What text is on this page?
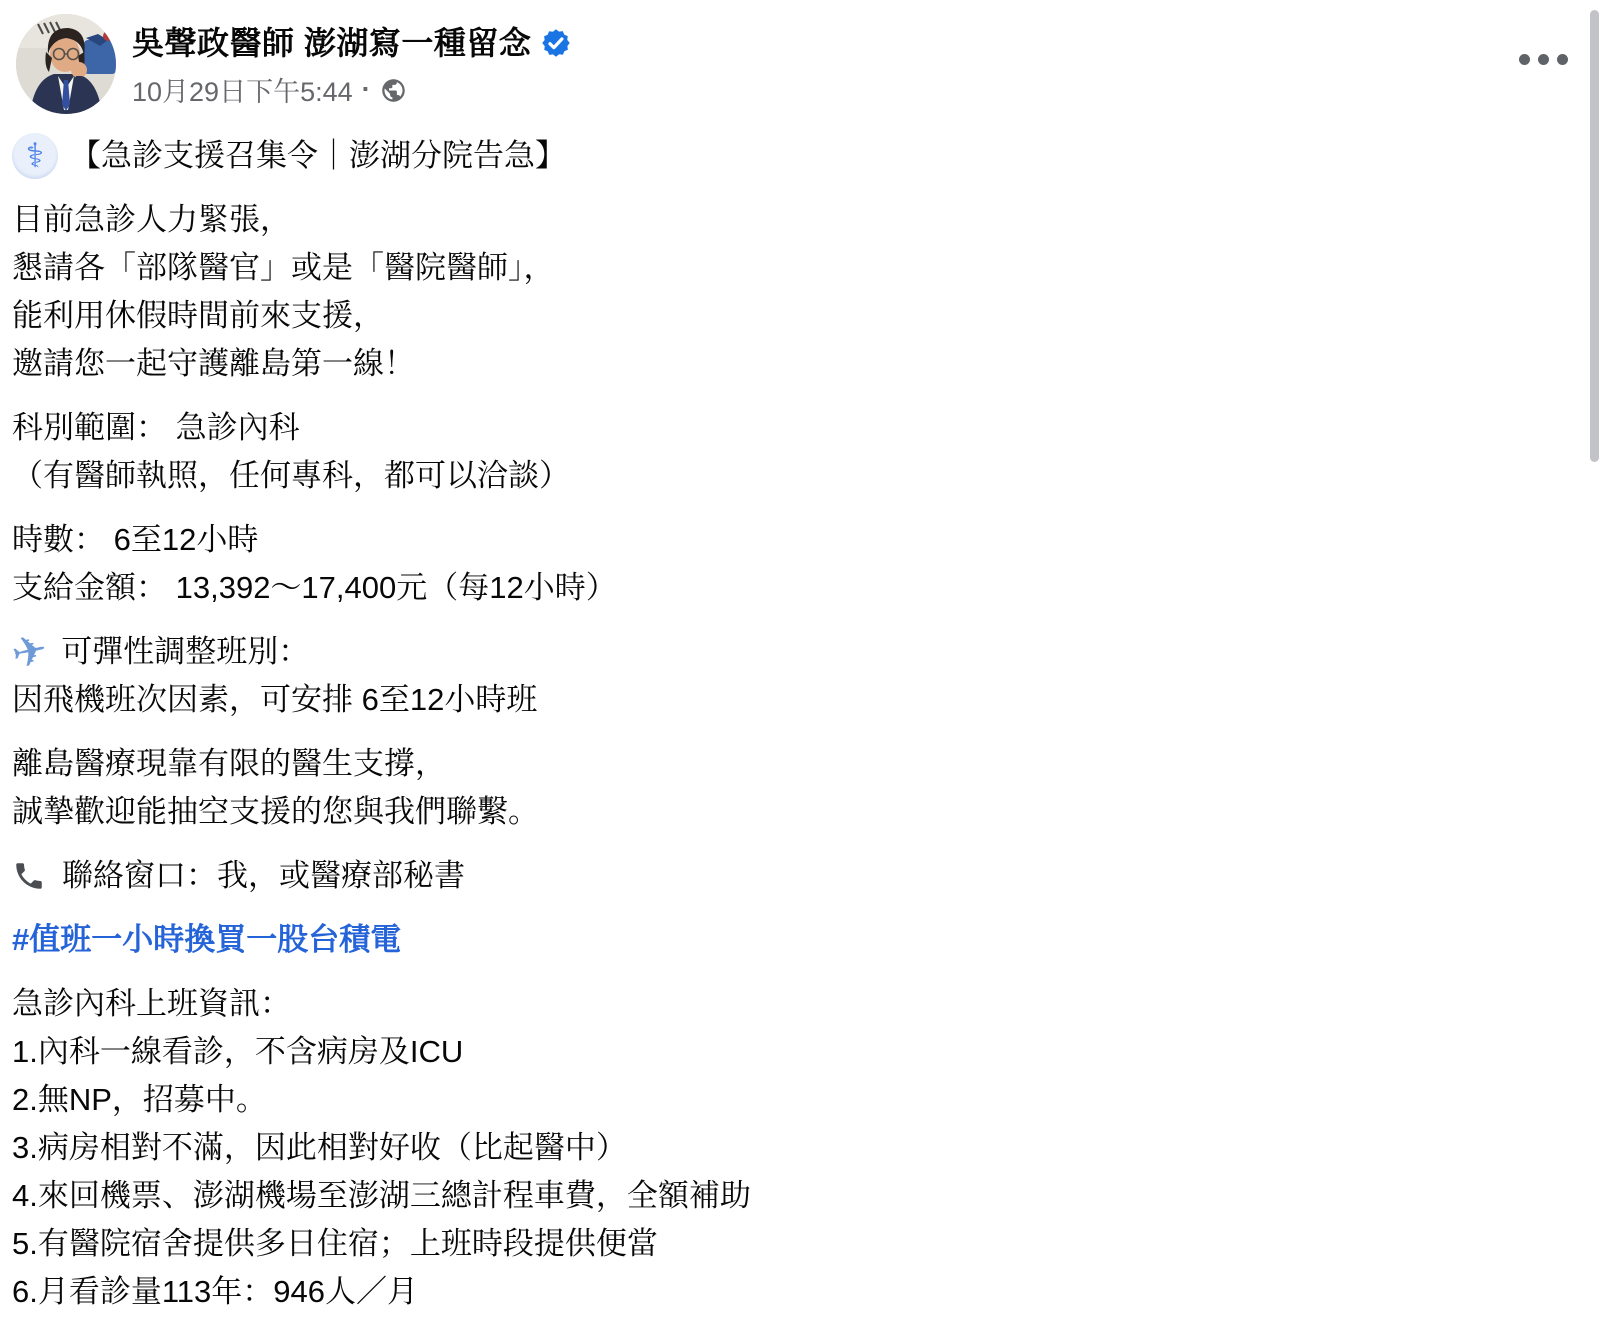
吳聲政醫師 澎湖寫一種留念
10月29日下午5:44 ·

⚕ 【急診支援召集令｜澎湖分院告急】

目前急診人力緊張，
懇請各「部隊醫官」或是「醫院醫師」，
能利用休假時間前來支援，
邀請您一起守護離島第一線！

科別範圍： 急診內科
（有醫師執照，任何專科，都可以洽談）

時數： 6至12小時
支給金額： 13,392～17,400元（每12小時）

✈ 可彈性調整班別：
因飛機班次因素，可安排 6至12小時班

離島醫療現靠有限的醫生支撐，
誠摯歡迎能抽空支援的您與我們聯繫。

聯絡窗口：我，或醫療部秘書

#值班一小時換買一股台積電

急診內科上班資訊：
1.內科一線看診，不含病房及ICU
2.無NP，招募中。
3.病房相對不滿，因此相對好收（比起醫中）
4.來回機票、澎湖機場至澎湖三總計程車費，全額補助
5.有醫院宿舍提供多日住宿；上班時段提供便當
6.月看診量113年：946人／月
